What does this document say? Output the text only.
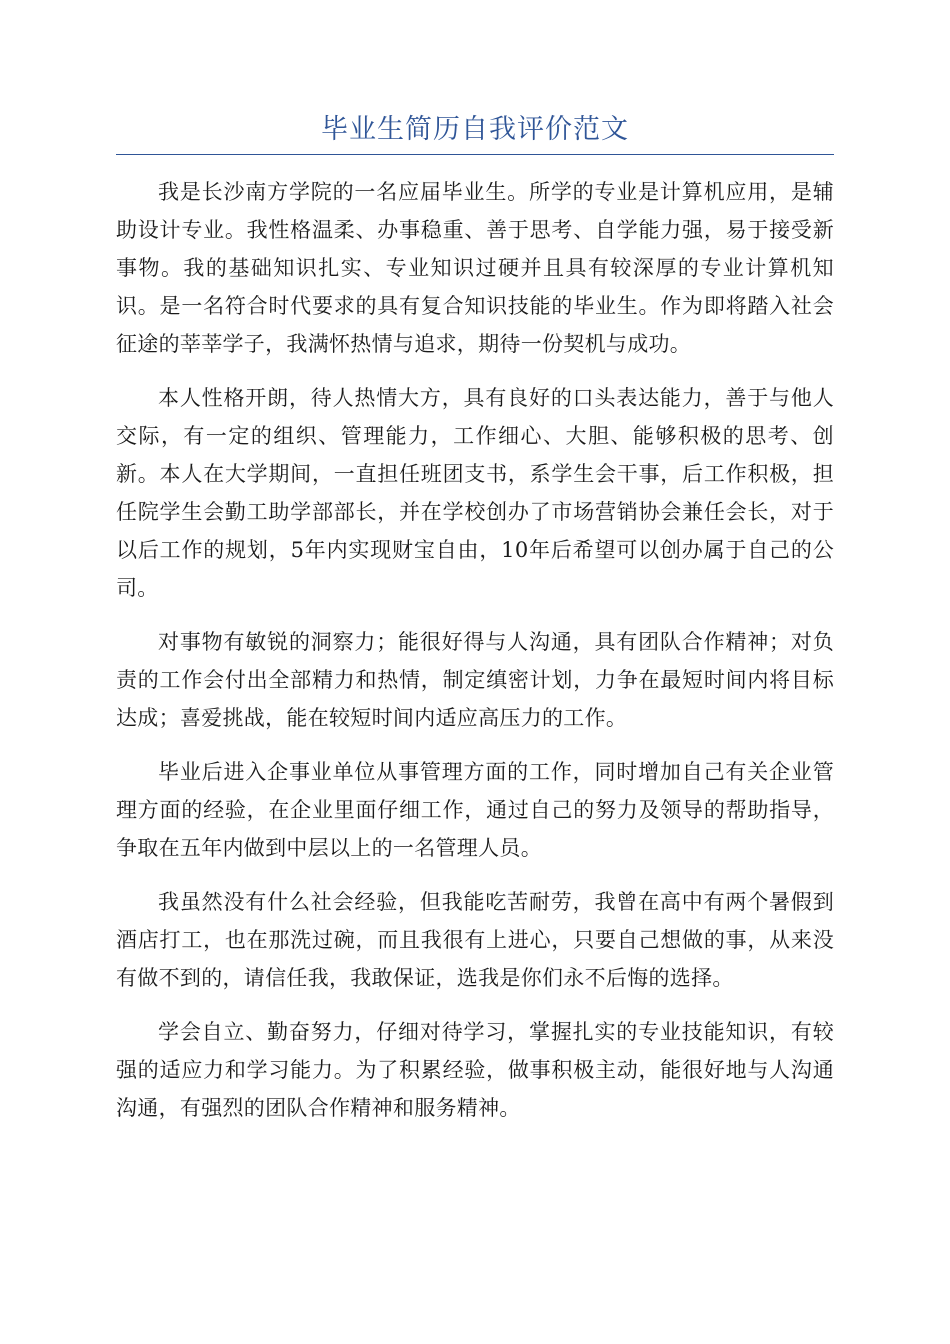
毕业生简历自我评价范文

我是长沙南方学院的一名应届毕业生。所学的专业是计算机应用，是辅助设计专业。我性格温柔、办事稳重、善于思考、自学能力强，易于接受新事物。我的基础知识扎实、专业知识过硬并且具有较深厚的专业计算机知识。是一名符合时代要求的具有复合知识技能的毕业生。作为即将踏入社会征途的莘莘学子，我满怀热情与追求，期待一份契机与成功。

本人性格开朗，待人热情大方，具有良好的口头表达能力，善于与他人交际，有一定的组织、管理能力，工作细心、大胆、能够积极的思考、创新。本人在大学期间，一直担任班团支书，系学生会干事，后工作积极，担任院学生会勤工助学部部长，并在学校创办了市场营销协会兼任会长，对于以后工作的规划，5年内实现财宝自由，10年后希望可以创办属于自己的公司。

对事物有敏锐的洞察力；能很好得与人沟通，具有团队合作精神；对负责的工作会付出全部精力和热情，制定缜密计划，力争在最短时间内将目标达成；喜爱挑战，能在较短时间内适应高压力的工作。

毕业后进入企事业单位从事管理方面的工作，同时增加自己有关企业管理方面的经验，在企业里面仔细工作，通过自己的努力及领导的帮助指导，争取在五年内做到中层以上的一名管理人员。

我虽然没有什么社会经验，但我能吃苦耐劳，我曾在高中有两个暑假到酒店打工，也在那洗过碗，而且我很有上进心，只要自己想做的事，从来没有做不到的，请信任我，我敢保证，选我是你们永不后悔的选择。

学会自立、勤奋努力，仔细对待学习，掌握扎实的专业技能知识，有较强的适应力和学习能力。为了积累经验，做事积极主动，能很好地与人沟通沟通，有强烈的团队合作精神和服务精神。
